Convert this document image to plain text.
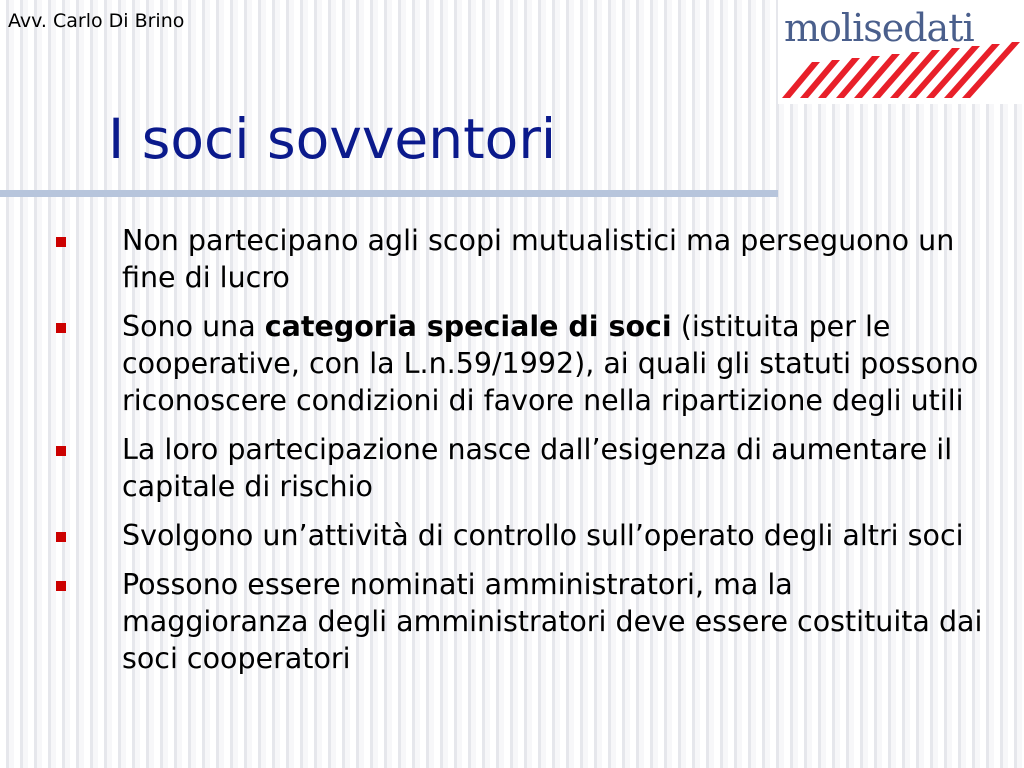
Avv. Carlo Di Brino	molisedati
I soci sovventori
Non partecipano agli scopi mutualistici ma perseguono un fine di lucro
Sono una categoria speciale di soci (istituita per le cooperative, con la L.n.59/1992), ai quali gli statuti possono riconoscere condizioni di favore nella ripartizione degli utili
La loro partecipazione nasce dall’esigenza di aumentare il capitale di rischio
Svolgono un’attività di controllo sull’operato degli altri soci
Possono essere nominati amministratori, ma la maggioranza degli amministratori deve essere costituita dai soci cooperatori
